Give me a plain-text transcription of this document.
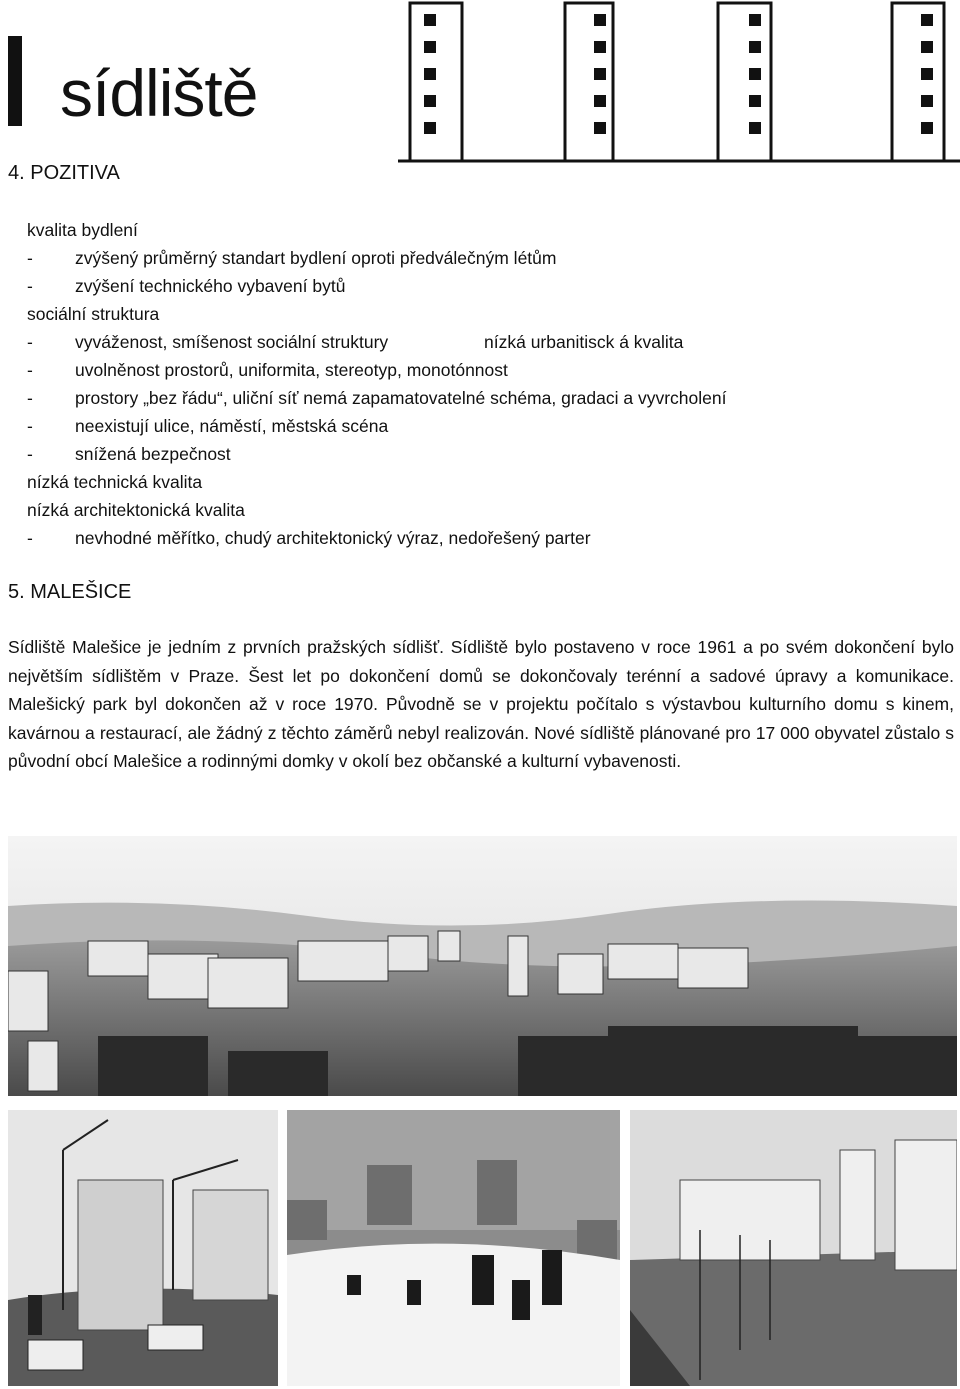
sídliště
4. POZITIVA
kvalita bydlení
- zvýšený průměrný standart bydlení oproti předválečným létům
- zvýšení technického vybavení bytů
sociální struktura
- vyváženost, smíšenost sociální struktury	nízká urbanitisck á kvalita
- uvolněnost prostorů, uniformita, stereotyp, monotónnost
- prostory „bez řádu“, uliční síť nemá zapamatovatelné schéma, gradaci a vyvrcholení
- neexistují ulice, náměstí, městská scéna
- snížená bezpečnost
nízká technická kvalita
nízká architektonická kvalita
- nevhodné měřítko, chudý architektonický výraz, nedořešený parter
5. MALEŠICE

Sídliště Malešice je jedním z prvních pražských sídlišť. Sídliště bylo postaveno v roce 1961 a po svém dokončení bylo největším sídlištěm v Praze. Šest let po dokončení domů se dokončovaly terénní a sadové úpravy a komunikace. Malešický park byl dokončen až v roce 1970. Původně se v projektu počítalo s výstavbou kulturního domu s kinem, kavárnou a restaurací, ale žádný z těchto záměrů nebyl realizován. Nové sídliště plánované pro 17 000 obyvatel zůstalo s původní obcí Malešice a rodinnými domky v okolí bez občanské a kulturní vybavenosti.
